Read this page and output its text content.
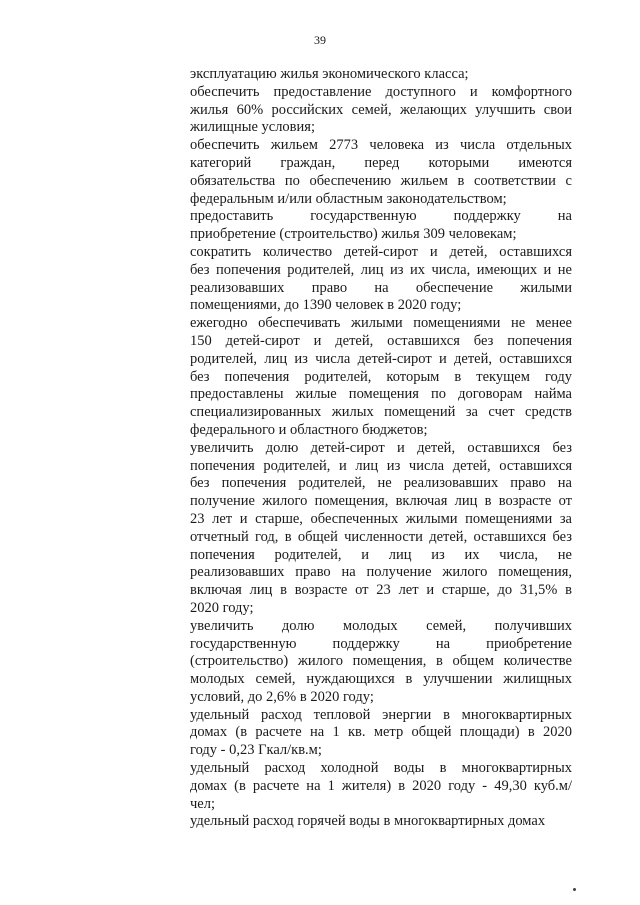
39
эксплуатацию жилья экономического класса;
обеспечить предоставление доступного и комфортного
жилья 60% российских семей, желающих улучшить свои
жилищные условия;
обеспечить жильем 2773 человека из числа отдельных
категорий граждан, перед которыми имеются
обязательства по обеспечению жильем в соответствии с
федеральным и/или областным законодательством;
предоставить государственную поддержку на
приобретение (строительство) жилья 309 человекам;
сократить количество детей-сирот и детей, оставшихся
без попечения родителей, лиц из их числа, имеющих и не
реализовавших право на обеспечение жилыми
помещениями, до 1390 человек в 2020 году;
ежегодно обеспечивать жилыми помещениями не менее
150 детей-сирот и детей, оставшихся без попечения
родителей, лиц из числа детей-сирот и детей, оставшихся
без попечения родителей, которым в текущем году
предоставлены жилые помещения по договорам найма
специализированных жилых помещений за счет средств
федерального и областного бюджетов;
увеличить долю детей-сирот и детей, оставшихся без
попечения родителей, и лиц из числа детей, оставшихся
без попечения родителей, не реализовавших право на
получение жилого помещения, включая лиц в возрасте от
23 лет и старше, обеспеченных жилыми помещениями за
отчетный год, в общей численности детей, оставшихся без
попечения родителей, и лиц из их числа, не
реализовавших право на получение жилого помещения,
включая лиц в возрасте от 23 лет и старше, до 31,5% в
2020 году;
увеличить долю молодых семей, получивших
государственную поддержку на приобретение
(строительство) жилого помещения, в общем количестве
молодых семей, нуждающихся в улучшении жилищных
условий, до 2,6% в 2020 году;
удельный расход тепловой энергии в многоквартирных
домах (в расчете на 1 кв. метр общей площади) в 2020
году - 0,23 Гкал/кв.м;
удельный расход холодной воды в многоквартирных
домах (в расчете на 1 жителя) в 2020 году - 49,30 куб.м/
чел;
удельный расход горячей воды в многоквартирных домах
